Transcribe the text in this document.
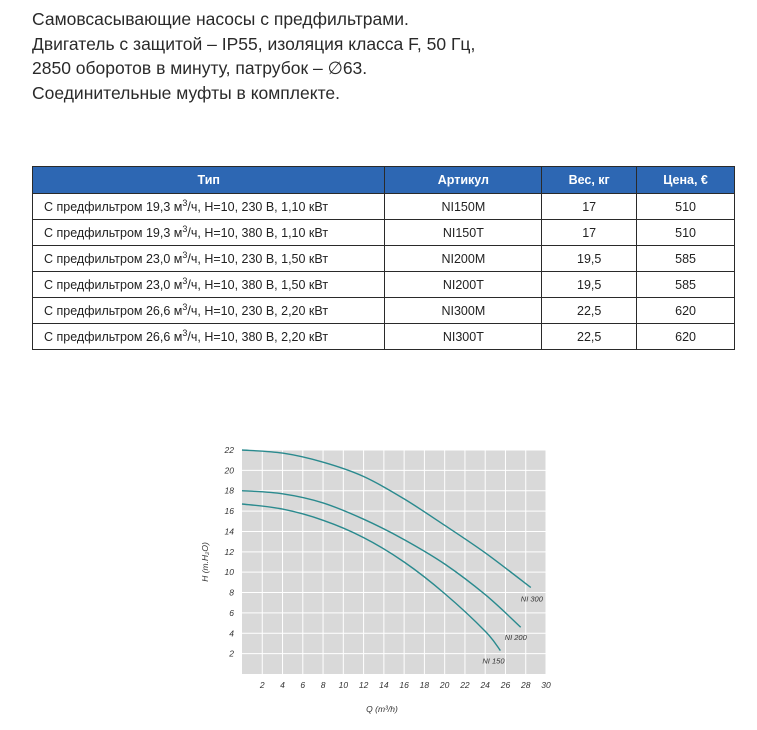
Самовсасывающие насосы с предфильтрами.
Двигатель с защитой – IP55, изоляция класса F, 50 Гц,
2850 оборотов в минуту, патрубок – ∅63.
Соединительные муфты в комплекте.
Тип	Артикул	Вес, кг	Цена, €
С предфильтром 19,3 $м^3/ч$, Н=10, 230 В, 1,10 кВт	NI150M	17	510
С предфильтром 19,3 $м^3/ч$, Н=10, 380 В, 1,10 кВт	NI150T	17	510
С предфильтром 23,0 $м^3/ч$, Н=10, 230 В, 1,50 кВт	NI200M	19,5	585
С предфильтром 23,0 $м^3/ч$, Н=10, 380 В, 1,50 кВт	NI200T	19,5	585
С предфильтром 26,6 $м^3/ч$, Н=10, 230 В, 2,20 кВт	NI300M	22,5	620
С предфильтром 26,6 $м^3/ч$, Н=10, 380 В, 2,20 кВт	NI300T	22,5	620
2 4 6 8 10 12 14 16 18 20 22 24 26 28 30
2
4
6
8
10
12
14
16
18
20
22
NI 300
NI 200
NI 150
Q (m³/h)
H (m.H₂O)
